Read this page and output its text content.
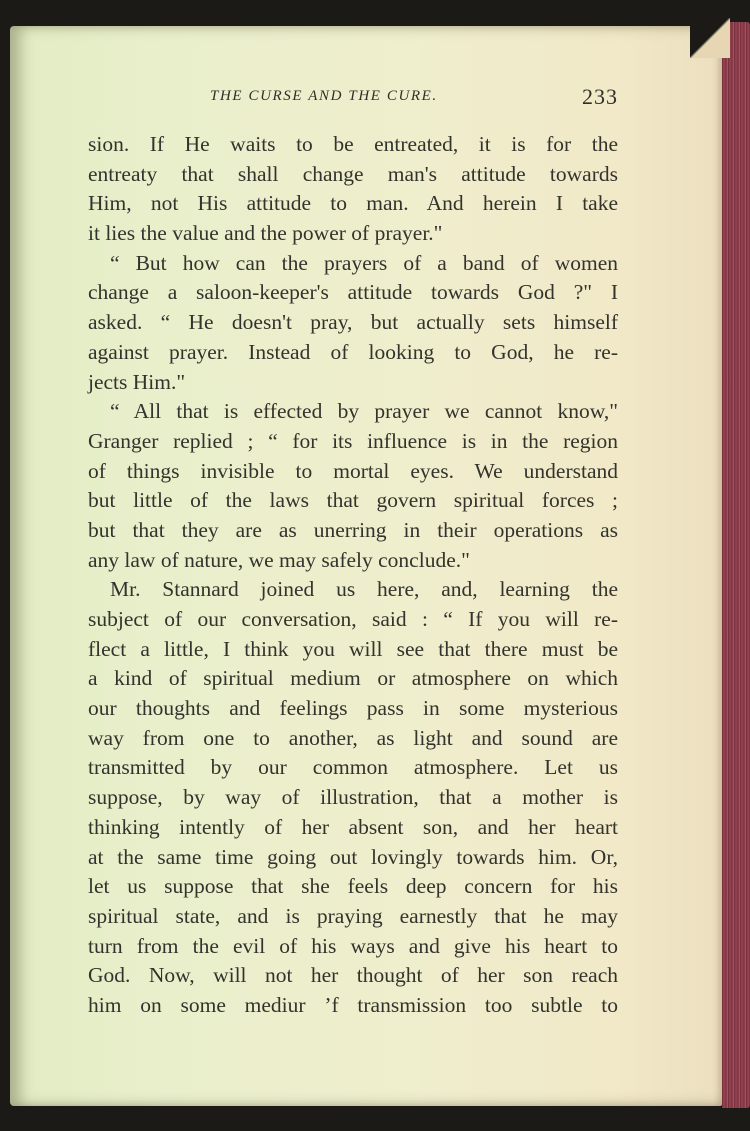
THE CURSE AND THE CURE.	233
sion. If He waits to be entreated, it is for the
entreaty that shall change man's attitude towards
Him, not His attitude to man. And herein I take
it lies the value and the power of prayer."
“ But how can the prayers of a band of women
change a saloon-keeper's attitude towards God ?" I
asked. “ He doesn't pray, but actually sets himself
against prayer. Instead of looking to God, he re-
jects Him."
“ All that is effected by prayer we cannot know,"
Granger replied ; “ for its influence is in the region
of things invisible to mortal eyes. We understand
but little of the laws that govern spiritual forces ;
but that they are as unerring in their operations as
any law of nature, we may safely conclude."
Mr. Stannard joined us here, and, learning the
subject of our conversation, said : “ If you will re-
flect a little, I think you will see that there must be
a kind of spiritual medium or atmosphere on which
our thoughts and feelings pass in some mysterious
way from one to another, as light and sound are
transmitted by our common atmosphere. Let us
suppose, by way of illustration, that a mother is
thinking intently of her absent son, and her heart
at the same time going out lovingly towards him. Or,
let us suppose that she feels deep concern for his
spiritual state, and is praying earnestly that he may
turn from the evil of his ways and give his heart to
God. Now, will not her thought of her son reach
him on some mediur ’f transmission too subtle to
